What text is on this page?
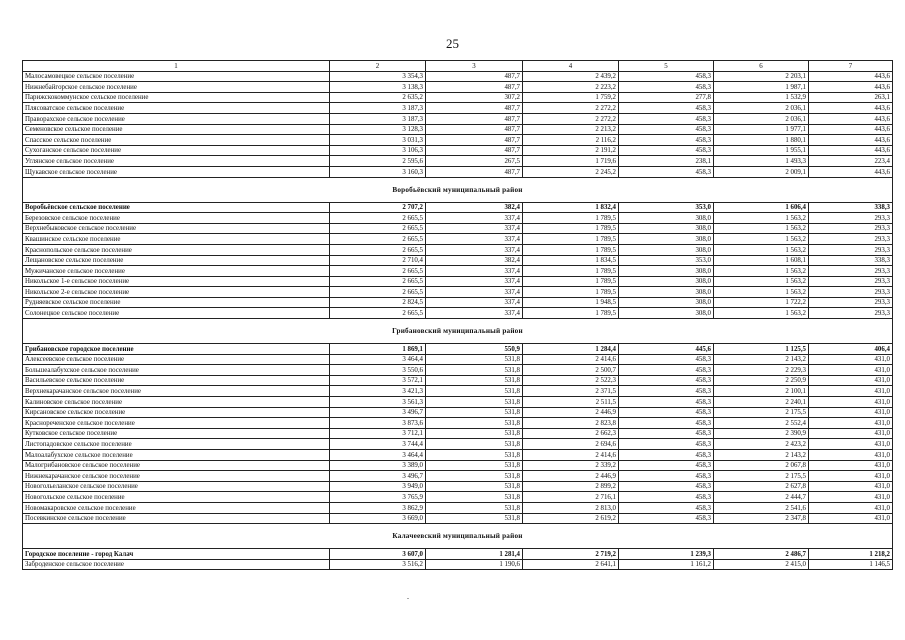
25
1	2	3	4	5	6	7
Малосамовецкое сельское поселение	3 354,3	487,7	2 439,2	458,3	2 203,1	443,6
Нижнебайгорское сельское поселение	3 138,3	487,7	2 223,2	458,3	1 987,1	443,6
Парижскокоммунское сельское поселение	2 635,2	307,2	1 759,2	277,8	1 532,9	263,1
Плясоватское сельское поселение	3 187,3	487,7	2 272,2	458,3	2 036,1	443,6
Праворахское сельское поселение	3 187,3	487,7	2 272,2	458,3	2 036,1	443,6
Семеновское сельское поселение	3 128,3	487,7	2 213,2	458,3	1 977,1	443,6
Спасское сельское поселение	3 031,3	487,7	2 116,2	458,3	1 880,1	443,6
Сухоганское сельское поселение	3 106,3	487,7	2 191,2	458,3	1 955,1	443,6
Углянское сельское поселение	2 595,6	267,5	1 719,6	238,1	1 493,3	223,4
Щукавское сельское поселение	3 160,3	487,7	2 245,2	458,3	2 009,1	443,6
Воробьёвский муниципальный район						
Воробьёвское сельское поселение	2 707,2	382,4	1 832,4	353,0	1 606,4	338,3
Березовское сельское поселение	2 665,5	337,4	1 789,5	308,0	1 563,2	293,3
Верхнебыковское сельское поселение	2 665,5	337,4	1 789,5	308,0	1 563,2	293,3
Квашинское сельское поселение	2 665,5	337,4	1 789,5	308,0	1 563,2	293,3
Краснопольское сельское поселение	2 665,5	337,4	1 789,5	308,0	1 563,2	293,3
Лещановское сельское поселение	2 710,4	382,4	1 834,5	353,0	1 608,1	338,3
Мужичанское сельское поселение	2 665,5	337,4	1 789,5	308,0	1 563,2	293,3
Никольское 1-е сельское поселение	2 665,5	337,4	1 789,5	308,0	1 563,2	293,3
Никольское 2-е сельское поселение	2 665,5	337,4	1 789,5	308,0	1 563,2	293,3
Рудняевское сельское поселение	2 824,5	337,4	1 948,5	308,0	1 722,2	293,3
Солонецкое сельское поселение	2 665,5	337,4	1 789,5	308,0	1 563,2	293,3
Грибановский муниципальный район						
Грибановское городское поселение	1 869,1	550,9	1 284,4	445,6	1 125,5	406,4
Алексеевское сельское поселение	3 464,4	531,8	2 414,6	458,3	2 143,2	431,0
Большеалабухское сельское поселение	3 550,6	531,8	2 500,7	458,3	2 229,3	431,0
Васильевское сельское поселение	3 572,1	531,8	2 522,3	458,3	2 250,9	431,0
Верхнекарачанское сельское поселение	3 421,3	531,8	2 371,5	458,3	2 100,1	431,0
Калиновское сельское поселение	3 561,3	531,8	2 511,5	458,3	2 240,1	431,0
Кирсановское сельское поселение	3 496,7	531,8	2 446,9	458,3	2 175,5	431,0
Краснореченское сельское поселение	3 873,6	531,8	2 823,8	458,3	2 552,4	431,0
Кутковское сельское поселение	3 712,1	531,8	2 662,3	458,3	2 390,9	431,0
Листопадовское сельское поселение	3 744,4	531,8	2 694,6	458,3	2 423,2	431,0
Малоалабухское сельское поселение	3 464,4	531,8	2 414,6	458,3	2 143,2	431,0
Малогрибановское сельское поселение	3 389,0	531,8	2 339,2	458,3	2 067,8	431,0
Нижнекарачанское сельское поселение	3 496,7	531,8	2 446,9	458,3	2 175,5	431,0
Новогольеланское сельское поселение	3 949,0	531,8	2 899,2	458,3	2 627,8	431,0
Новогольское сельское поселение	3 765,9	531,8	2 716,1	458,3	2 444,7	431,0
Новомакаровское сельское поселение	3 862,9	531,8	2 813,0	458,3	2 541,6	431,0
Посевкинское сельское поселение	3 669,0	531,8	2 619,2	458,3	2 347,8	431,0
Калачеевский муниципальный район						
Городское поселение - город Калач	3 607,0	1 281,4	2 719,2	1 239,3	2 486,7	1 218,2
Заброденское сельское поселение	3 516,2	1 190,6	2 641,1	1 161,2	2 415,0	1 146,5
.
